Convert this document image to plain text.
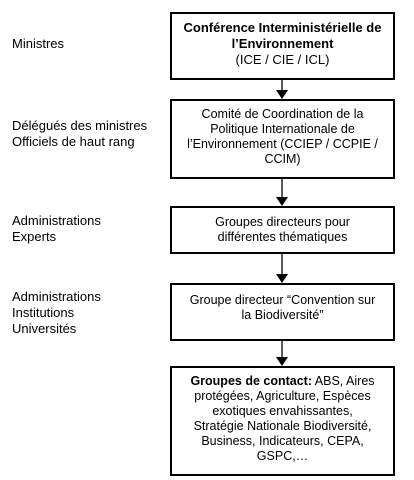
Ministres
Délégués des ministres
Officiels de haut rang
Administrations
Experts
Administrations
Institutions
Universités
Conférence Interministérielle de
l’Environnement
(ICE / CIE / ICL)
Comité de Coordination de la
Politique Internationale de
l’Environnement (CCIEP / CCPIE /
CCIM)
Groupes directeurs pour
différentes thématiques
Groupe directeur “Convention sur
la Biodiversité”
Groupes de contact: ABS, Aires
protégées, Agriculture, Espèces
exotiques envahissantes,
Stratégie Nationale Biodiversité,
Business, Indicateurs, CEPA,
GSPC,…
